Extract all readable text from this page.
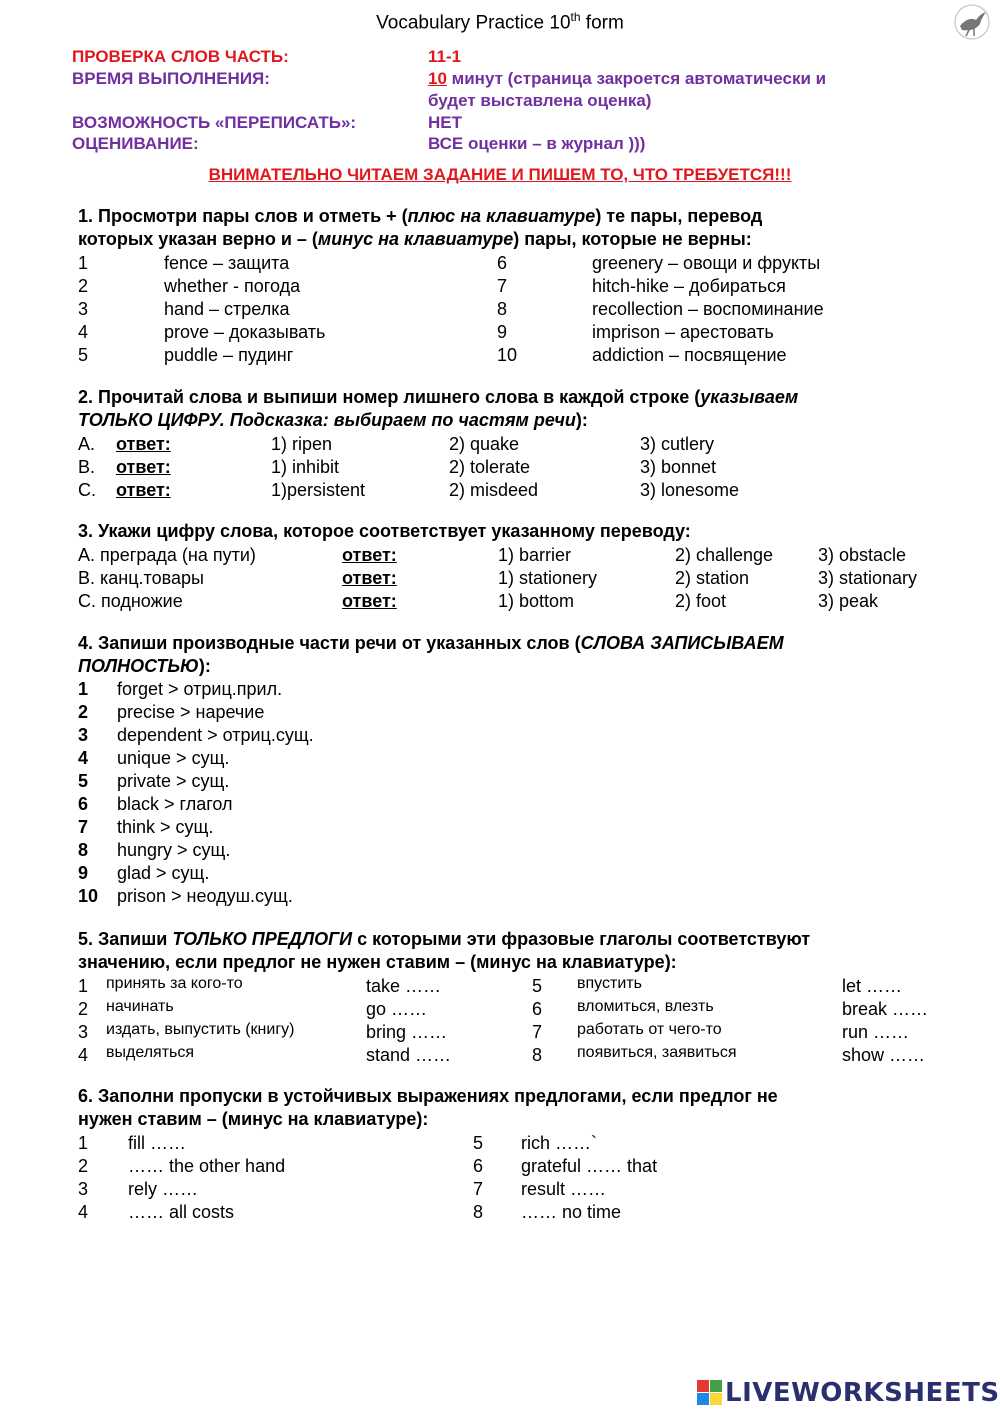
Vocabulary Practice 10th form
ПРОВЕРКА СЛОВ ЧАСТЬ:	11-1
ВРЕМЯ ВЫПОЛНЕНИЯ:	10 минут (страница закроется автоматически и
будет выставлена оценка)
ВОЗМОЖНОСТЬ «ПЕРЕПИСАТЬ»:	НЕТ
ОЦЕНИВАНИЕ:	ВСЕ оценки – в журнал )))
ВНИМАТЕЛЬНО ЧИТАЕМ ЗАДАНИЕ И ПИШЕМ ТО, ЧТО ТРЕБУЕТСЯ!!!
1. Просмотри пары слов и отметь + (плюс на клавиатуре) те пары, перевод
которых указан верно и – (минус на клавиатуре) пары, которые не верны:
1	fence – защита
2	whether - погода
3	hand – стрелка
4	prove – доказывать
5	puddle – пудинг
6	greenery – овощи и фрукты
7	hitch-hike – добираться
8	recollection – воспоминание
9	imprison – арестовать
10	addiction – посвящение
2. Прочитай слова и выпиши номер лишнего слова в каждой строке (указываем
ТОЛЬКО ЦИФРУ. Подсказка: выбираем по частям речи):
A. ответ:	1) ripen	2) quake	3) cutlery
B. ответ:	1) inhibit	2) tolerate	3) bonnet
C. ответ:	1)persistent	2) misdeed	3) lonesome
3. Укажи цифру слова, которое соответствует указанному переводу:
A. преграда (на пути)	ответ:	1) barrier	2) challenge 3) obstacle
B. канц.товары	ответ:	1) stationery	2) station	3) stationary
C. подножие	ответ:	1) bottom	2) foot	3) peak
4. Запиши производные части речи от указанных слов (СЛОВА ЗАПИСЫВАЕМ
ПОЛНОСТЬЮ):
1 forget > отриц.прил.
2 precise > наречие
3 dependent > отриц.сущ.
4 unique > сущ.
5 private > сущ.
6 black > глагол
7 think > сущ.
8 hungry > сущ.
9 glad > сущ.
10 prison > неодуш.сущ.
5. Запиши ТОЛЬКО ПРЕДЛОГИ с которыми эти фразовые глаголы соответствуют
значению, если предлог не нужен ставим – (минус на клавиатуре):
1 принять за кого-то	take ……
2 начинать	go ……
3 издать, выпустить (книгу)	bring ……
4 выделяться	stand ……
5 впустить	let ……
6 вломиться, влезть	break ……
7 работать от чего-то	run ……
8 появиться, заявиться	show ……
6. Заполни пропуски в устойчивых выражениях предлогами, если предлог не
нужен ставим – (минус на клавиатуре):
1 fill ……
2 …… the other hand
3 rely ……
4 …… all costs
5 rich ……`
6 grateful …… that
7 result ……
8 …… no time
LIVEWORKSHEETS
